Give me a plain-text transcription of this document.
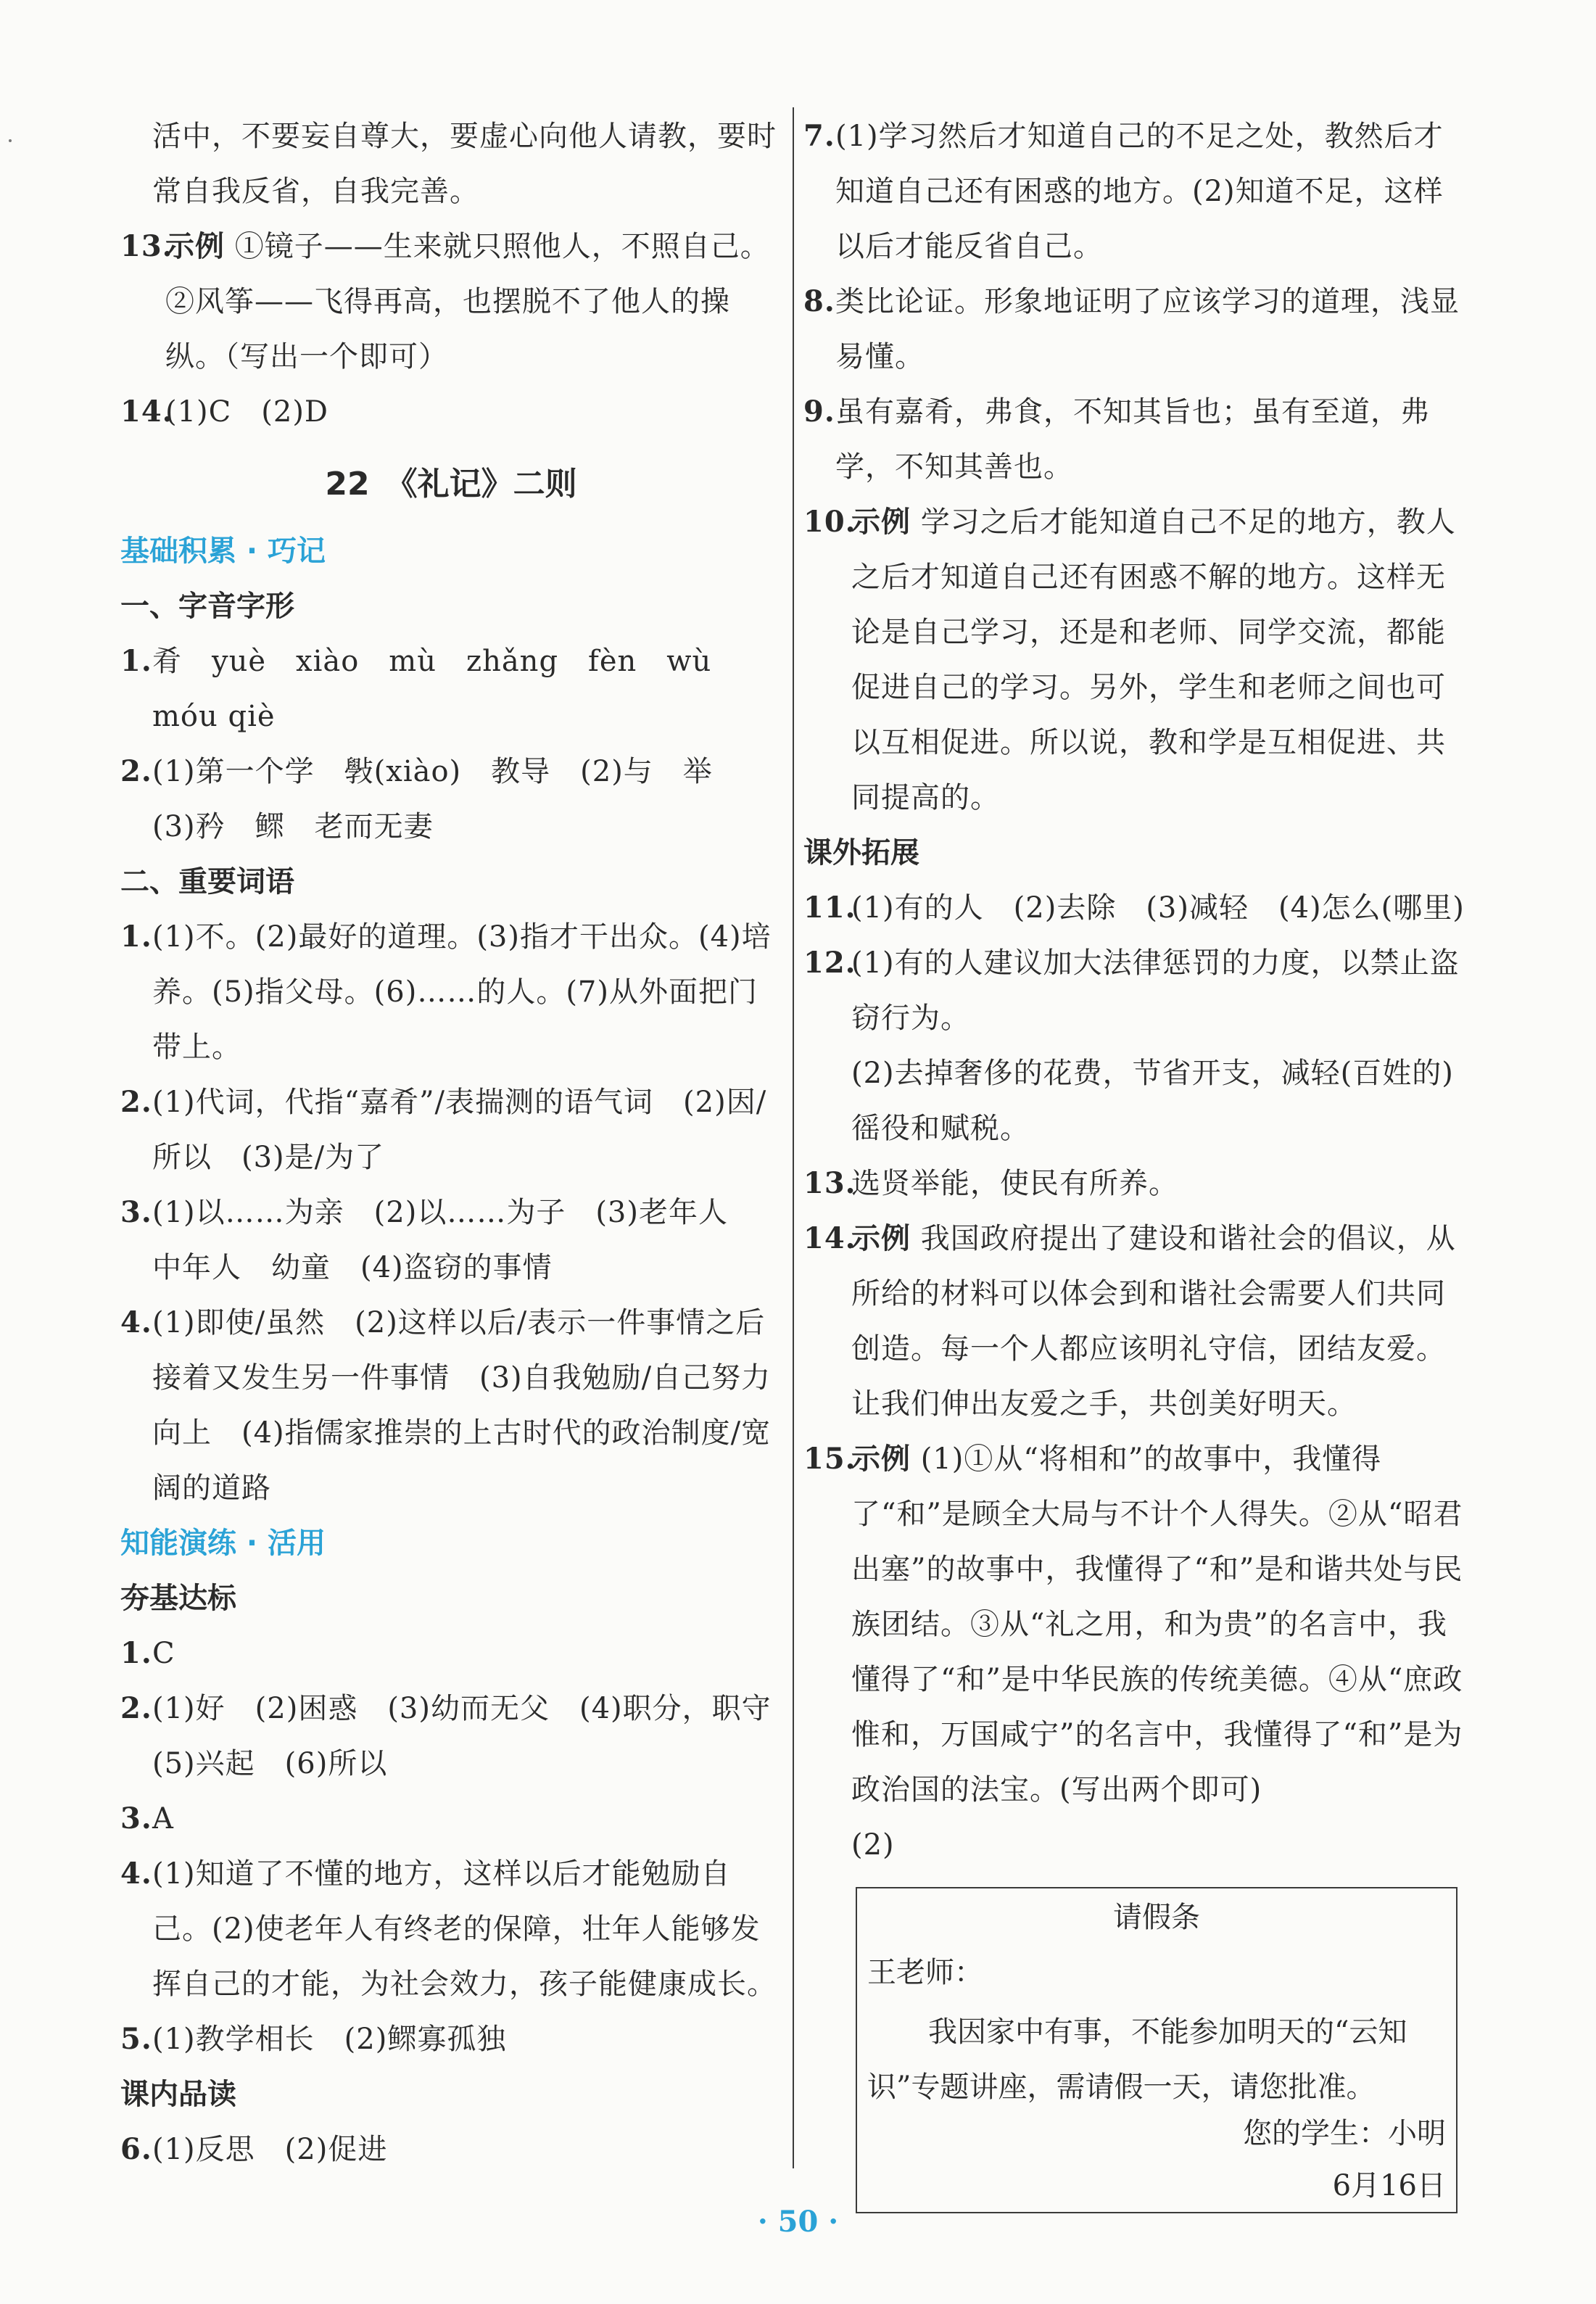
活中，不要妄自尊大，要虚心向他人请教，要时常自我反省，自我完善。

13.
示例 ①镜子——生来就只照他人，不照自己。②风筝——飞得再高，也摆脱不了他人的操纵。（写出一个即可）

14.
(1)C　(2)D

22　《礼记》二则

基础积累 · 巧记

一、字音字形

1. 肴　yuè　xiào　mù　zhǎng　fèn　wù　móu qiè

2. (1)第一个学　斅(xiào)　教导　(2)与　举　(3)矜　鳏　老而无妻

二、重要词语

1. (1)不。(2)最好的道理。(3)指才干出众。(4)培养。(5)指父母。(6)……的人。(7)从外面把门带上。

2. (1)代词，代指“嘉肴”/表揣测的语气词　(2)因/所以　(3)是/为了

3. (1)以……为亲　(2)以……为子　(3)老年人　中年人　幼童　(4)盗窃的事情

4. (1)即使/虽然　(2)这样以后/表示一件事情之后接着又发生另一件事情　(3)自我勉励/自己努力向上　(4)指儒家推崇的上古时代的政治制度/宽阔的道路

知能演练 · 活用

夯基达标

1. C

2. (1)好　(2)困惑　(3)幼而无父　(4)职分，职守　(5)兴起　(6)所以

3. A

4. (1)知道了不懂的地方，这样以后才能勉励自己。(2)使老年人有终老的保障，壮年人能够发挥自己的才能，为社会效力，孩子能健康成长。

5. (1)教学相长　(2)鳏寡孤独

课内品读

6. (1)反思　(2)促进

7. (1)学习然后才知道自己的不足之处，教然后才知道自己还有困惑的地方。(2)知道不足，这样以后才能反省自己。

8. 类比论证。形象地证明了应该学习的道理，浅显易懂。

9. 虽有嘉肴，弗食，不知其旨也；虽有至道，弗学，不知其善也。

10.
示例 学习之后才能知道自己不足的地方，教人之后才知道自己还有困惑不解的地方。这样无论是自己学习，还是和老师、同学交流，都能促进自己的学习。另外，学生和老师之间也可以互相促进。所以说，教和学是互相促进、共同提高的。

课外拓展

11.
(1)有的人　(2)去除　(3)减轻　(4)怎么(哪里)

12.
(1)有的人建议加大法律惩罚的力度，以禁止盗窃行为。

(2)去掉奢侈的花费，节省开支，减轻(百姓的)徭役和赋税。

13.
选贤举能，使民有所养。

14.
示例 我国政府提出了建设和谐社会的倡议，从所给的材料可以体会到和谐社会需要人们共同创造。每一个人都应该明礼守信，团结友爱。让我们伸出友爱之手，共创美好明天。

15.
示例 (1)①从“将相和”的故事中，我懂得了“和”是顾全大局与不计个人得失。②从“昭君出塞”的故事中，我懂得了“和”是和谐共处与民族团结。③从“礼之用，和为贵”的名言中，我懂得了“和”是中华民族的传统美德。④从“庶政惟和，万国咸宁”的名言中，我懂得了“和”是为政治国的法宝。(写出两个即可)

(2)

请假条
王老师：
我因家中有事，不能参加明天的“云知识”专题讲座，需请假一天，请您批准。
您的学生：小明
6月16日
· 50 ·
